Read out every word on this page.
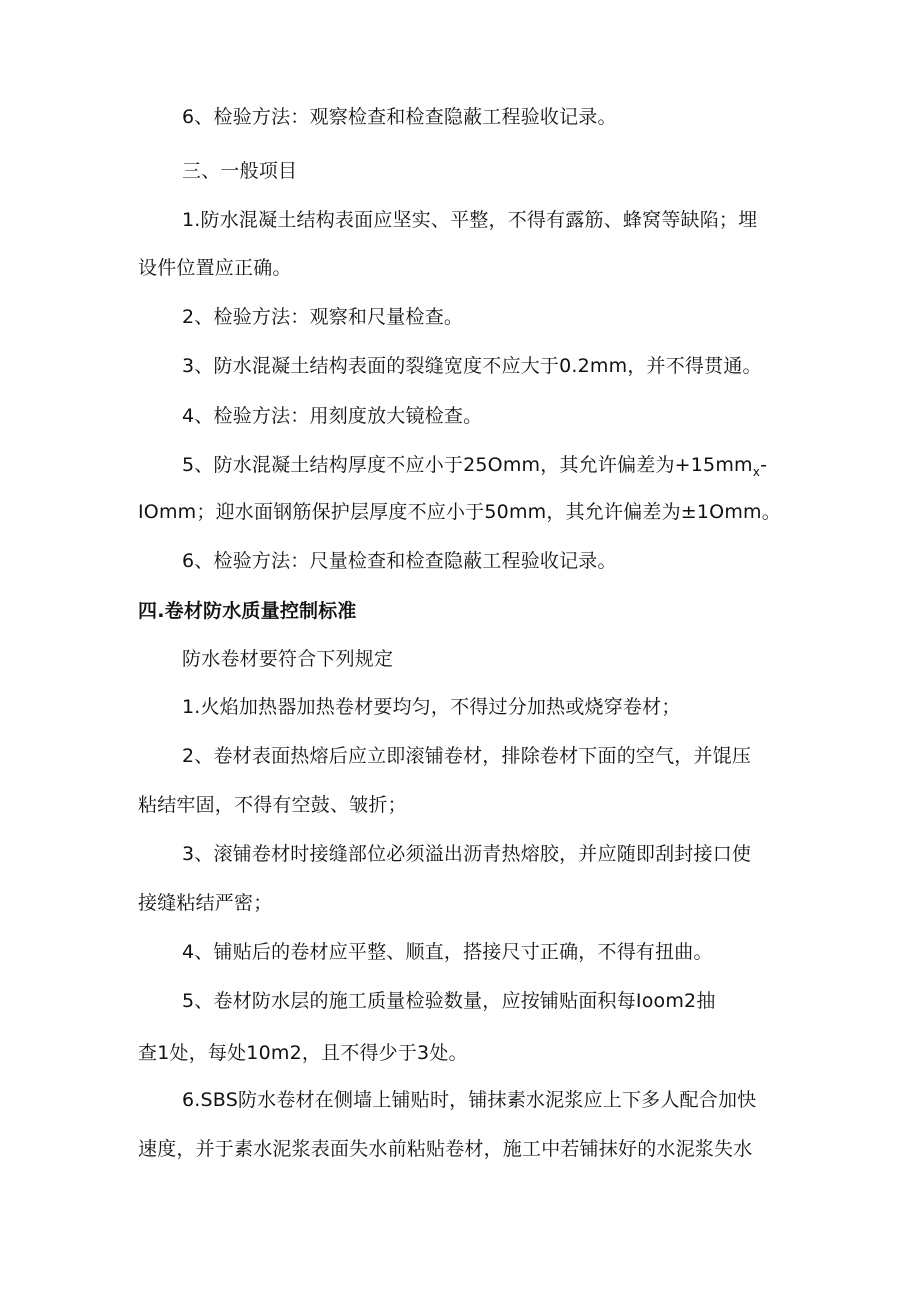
6、检验方法：观察检查和检查隐蔽工程验收记录。
三、一般项目
1.防水混凝土结构表面应坚实、平整，不得有露筋、蜂窝等缺陷；埋
设件位置应正确。
2、检验方法：观察和尺量检查。
3、防水混凝土结构表面的裂缝宽度不应大于0.2mm，并不得贯通。
4、检验方法：用刻度放大镜检查。
5、防水混凝土结构厚度不应小于25Omm，其允许偏差为$+15mm_x-$
IOmm；迎水面钢筋保护层厚度不应小于50mm，其允许偏差为±1Omm。
6、检验方法：尺量检查和检查隐蔽工程验收记录。
四.卷材防水质量控制标准
防水卷材要符合下列规定
1.火焰加热器加热卷材要均匀，不得过分加热或烧穿卷材；
2、卷材表面热熔后应立即滚铺卷材，排除卷材下面的空气，并馄压
粘结牢固，不得有空鼓、皱折；
3、滚铺卷材时接缝部位必须溢出沥青热熔胶，并应随即刮封接口使
接缝粘结严密；
4、铺贴后的卷材应平整、顺直，搭接尺寸正确，不得有扭曲。
5、卷材防水层的施工质量检验数量，应按铺贴面积每Ioom2抽
查1处，每处10m2，且不得少于3处。
6.SBS防水卷材在侧墙上铺贴时，铺抹素水泥浆应上下多人配合加快
速度，并于素水泥浆表面失水前粘贴卷材，施工中若铺抹好的水泥浆失水
